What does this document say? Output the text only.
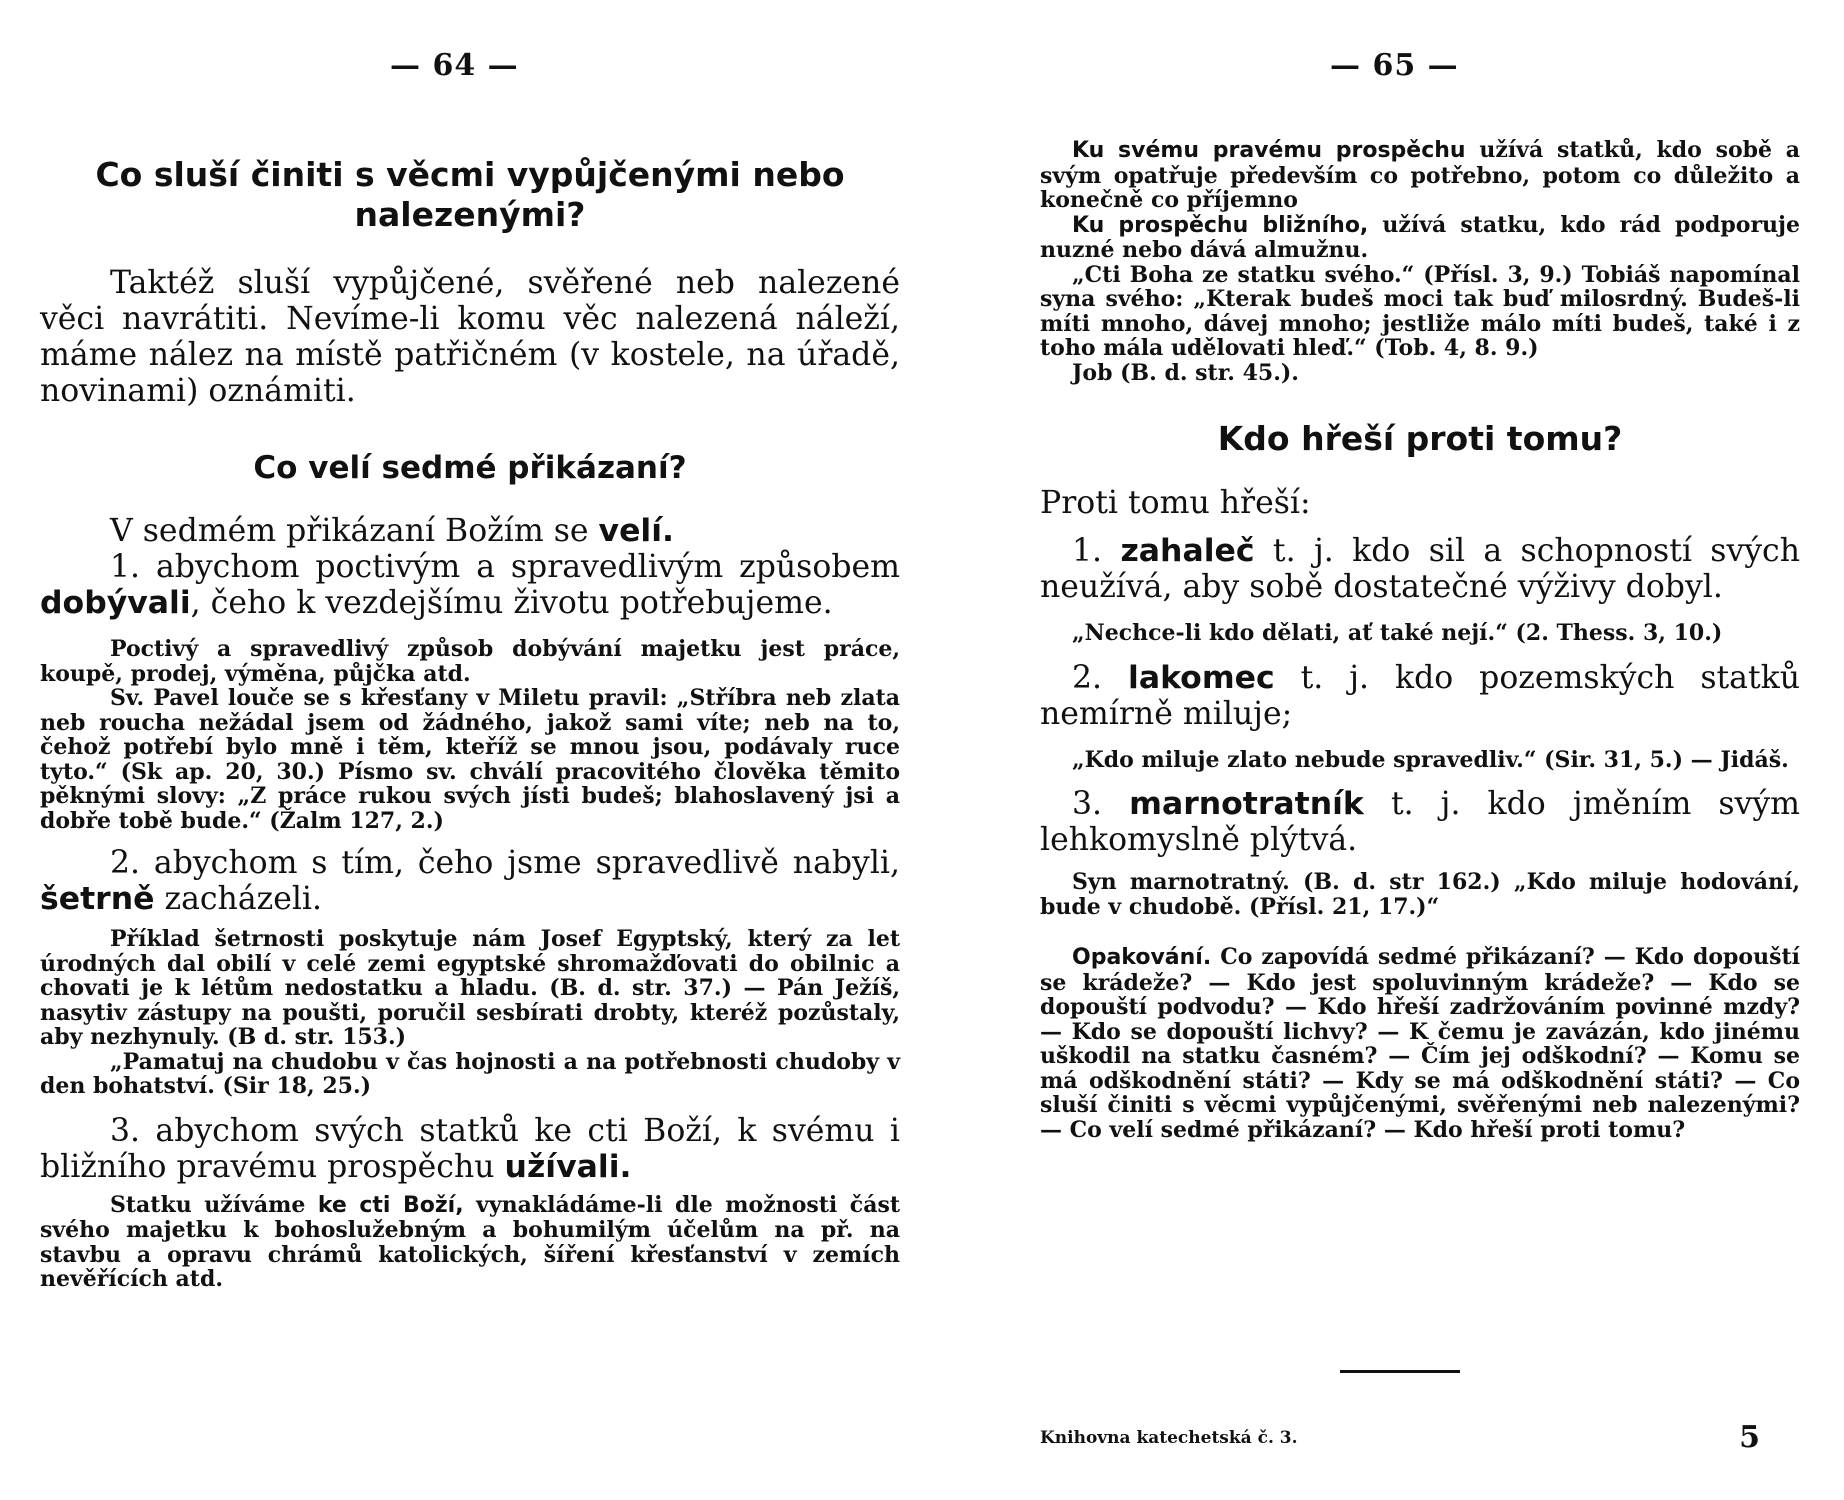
— 64 —
Co sluší činiti s věcmi vypůjčenými nebo nalezenými?

Taktéž sluší vypůjčené, svěřené neb nalezené věci navrátiti. Nevíme-li komu věc nalezená náleží, máme nález na místě patřičném (v kostele, na úřadě, novinami) oznámiti.

Co velí sedmé přikázaní?

V sedmém přikázaní Božím se velí.

1. abychom poctivým a spravedlivým způsobem dobývali, čeho k vezdejšímu životu potřebujeme.

Poctivý a spravedlivý způsob dobývání majetku jest práce, koupě, prodej, výměna, půjčka atd.

Sv. Pavel louče se s křesťany v Miletu pravil: „Stříbra neb zlata neb roucha nežádal jsem od žádného, jakož sami víte; neb na to, čehož potřebí bylo mně i těm, kteříž se mnou jsou, podávaly ruce tyto.“ (Sk ap. 20, 30.) Písmo sv. chválí pracovitého člověka těmito pěknými slovy: „Z práce rukou svých jísti budeš; blahoslavený jsi a dobře tobě bude.“ (Žalm 127, 2.)

2. abychom s tím, čeho jsme spravedlivě nabyli, šetrně zacházeli.

Příklad šetrnosti poskytuje nám Josef Egyptský, který za let úrodných dal obilí v celé zemi egyptské shromažďovati do obilnic a chovati je k létům nedostatku a hladu. (B. d. str. 37.) — Pán Ježíš, nasytiv zástupy na poušti, poručil sesbírati drobty, kteréž pozůstaly, aby nezhynuly. (B d. str. 153.)

„Pamatuj na chudobu v čas hojnosti a na potřebnosti chudoby v den bohatství. (Sir 18, 25.)

3. abychom svých statků ke cti Boží, k svému i bližního pravému prospěchu užívali.

Statku užíváme ke cti Boží, vynakládáme-li dle možnosti část svého majetku k bohoslužebným a bohumilým účelům na př. na stavbu a opravu chrámů katolických, šíření křesťanství v zemích nevěřících atd.

— 65 —

Ku svému pravému prospěchu užívá statků, kdo sobě a svým opatřuje především co potřebno, potom co důležito a konečně co příjemno

Ku prospěchu bližního, užívá statku, kdo rád podporuje nuzné nebo dává almužnu.

„Cti Boha ze statku svého.“ (Přísl. 3, 9.) Tobiáš napomínal syna svého: „Kterak budeš moci tak buď milosrdný. Budeš-li míti mnoho, dávej mnoho; jestliže málo míti budeš, také i z toho mála udělovati hleď.“ (Tob. 4, 8. 9.)

Job (B. d. str. 45.).

Kdo hřeší proti tomu?

Proti tomu hřeší:

1. zahaleč t. j. kdo sil a schopností svých neužívá, aby sobě dostatečné výživy dobyl.

„Nechce-li kdo dělati, ať také nejí.“ (2. Thess. 3, 10.)

2. lakomec t. j. kdo pozemských statků nemírně miluje;

„Kdo miluje zlato nebude spravedliv.“ (Sir. 31, 5.) — Jidáš.

3. marnotratník t. j. kdo jměním svým lehkomyslně plýtvá.

Syn marnotratný. (B. d. str 162.) „Kdo miluje hodování, bude v chudobě. (Přísl. 21, 17.)“

Opakování. Co zapovídá sedmé přikázaní? — Kdo dopouští se krádeže? — Kdo jest spoluvinným krádeže? — Kdo se dopouští podvodu? — Kdo hřeší zadržováním povinné mzdy? — Kdo se dopouští lichvy? — K čemu je zavázán, kdo jinému uškodil na statku časném? — Čím jej odškodní? — Komu se má odškodnění státi? — Kdy se má odškodnění státi? — Co sluší činiti s věcmi vypůjčenými, svěřenými neb nalezenými? — Co velí sedmé přikázaní? — Kdo hřeší proti tomu?

Knihovna katechetská č. 3.	5
